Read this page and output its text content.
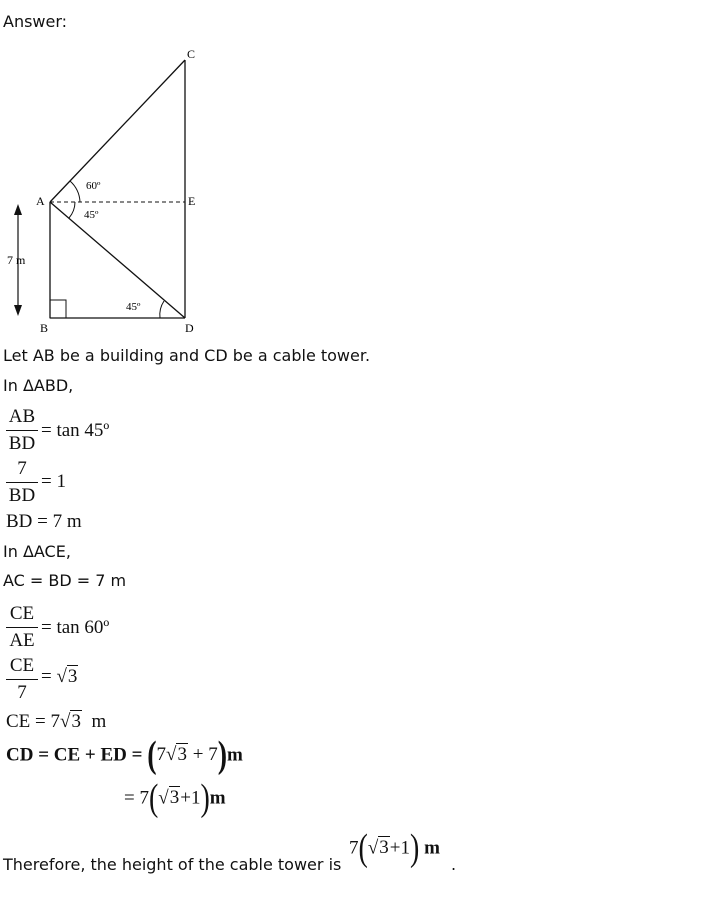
Answer:
C
A	E
B	D
60º
45º
45º
7 m
Let AB be a building and CD be a cable tower.
In ΔABD,
AB
BD
= tan 45º
7
BD
= 1
BD = 7 m
In ΔACE,
AC = BD = 7 m
CE
AE
= tan 60º
CE
7
= √3
CE = 7√3 m
CD = CE + ED = (7√3 + 7)m
= 7(√3+1)m
Therefore, the height of the cable tower is
7(√3+1) m
.
